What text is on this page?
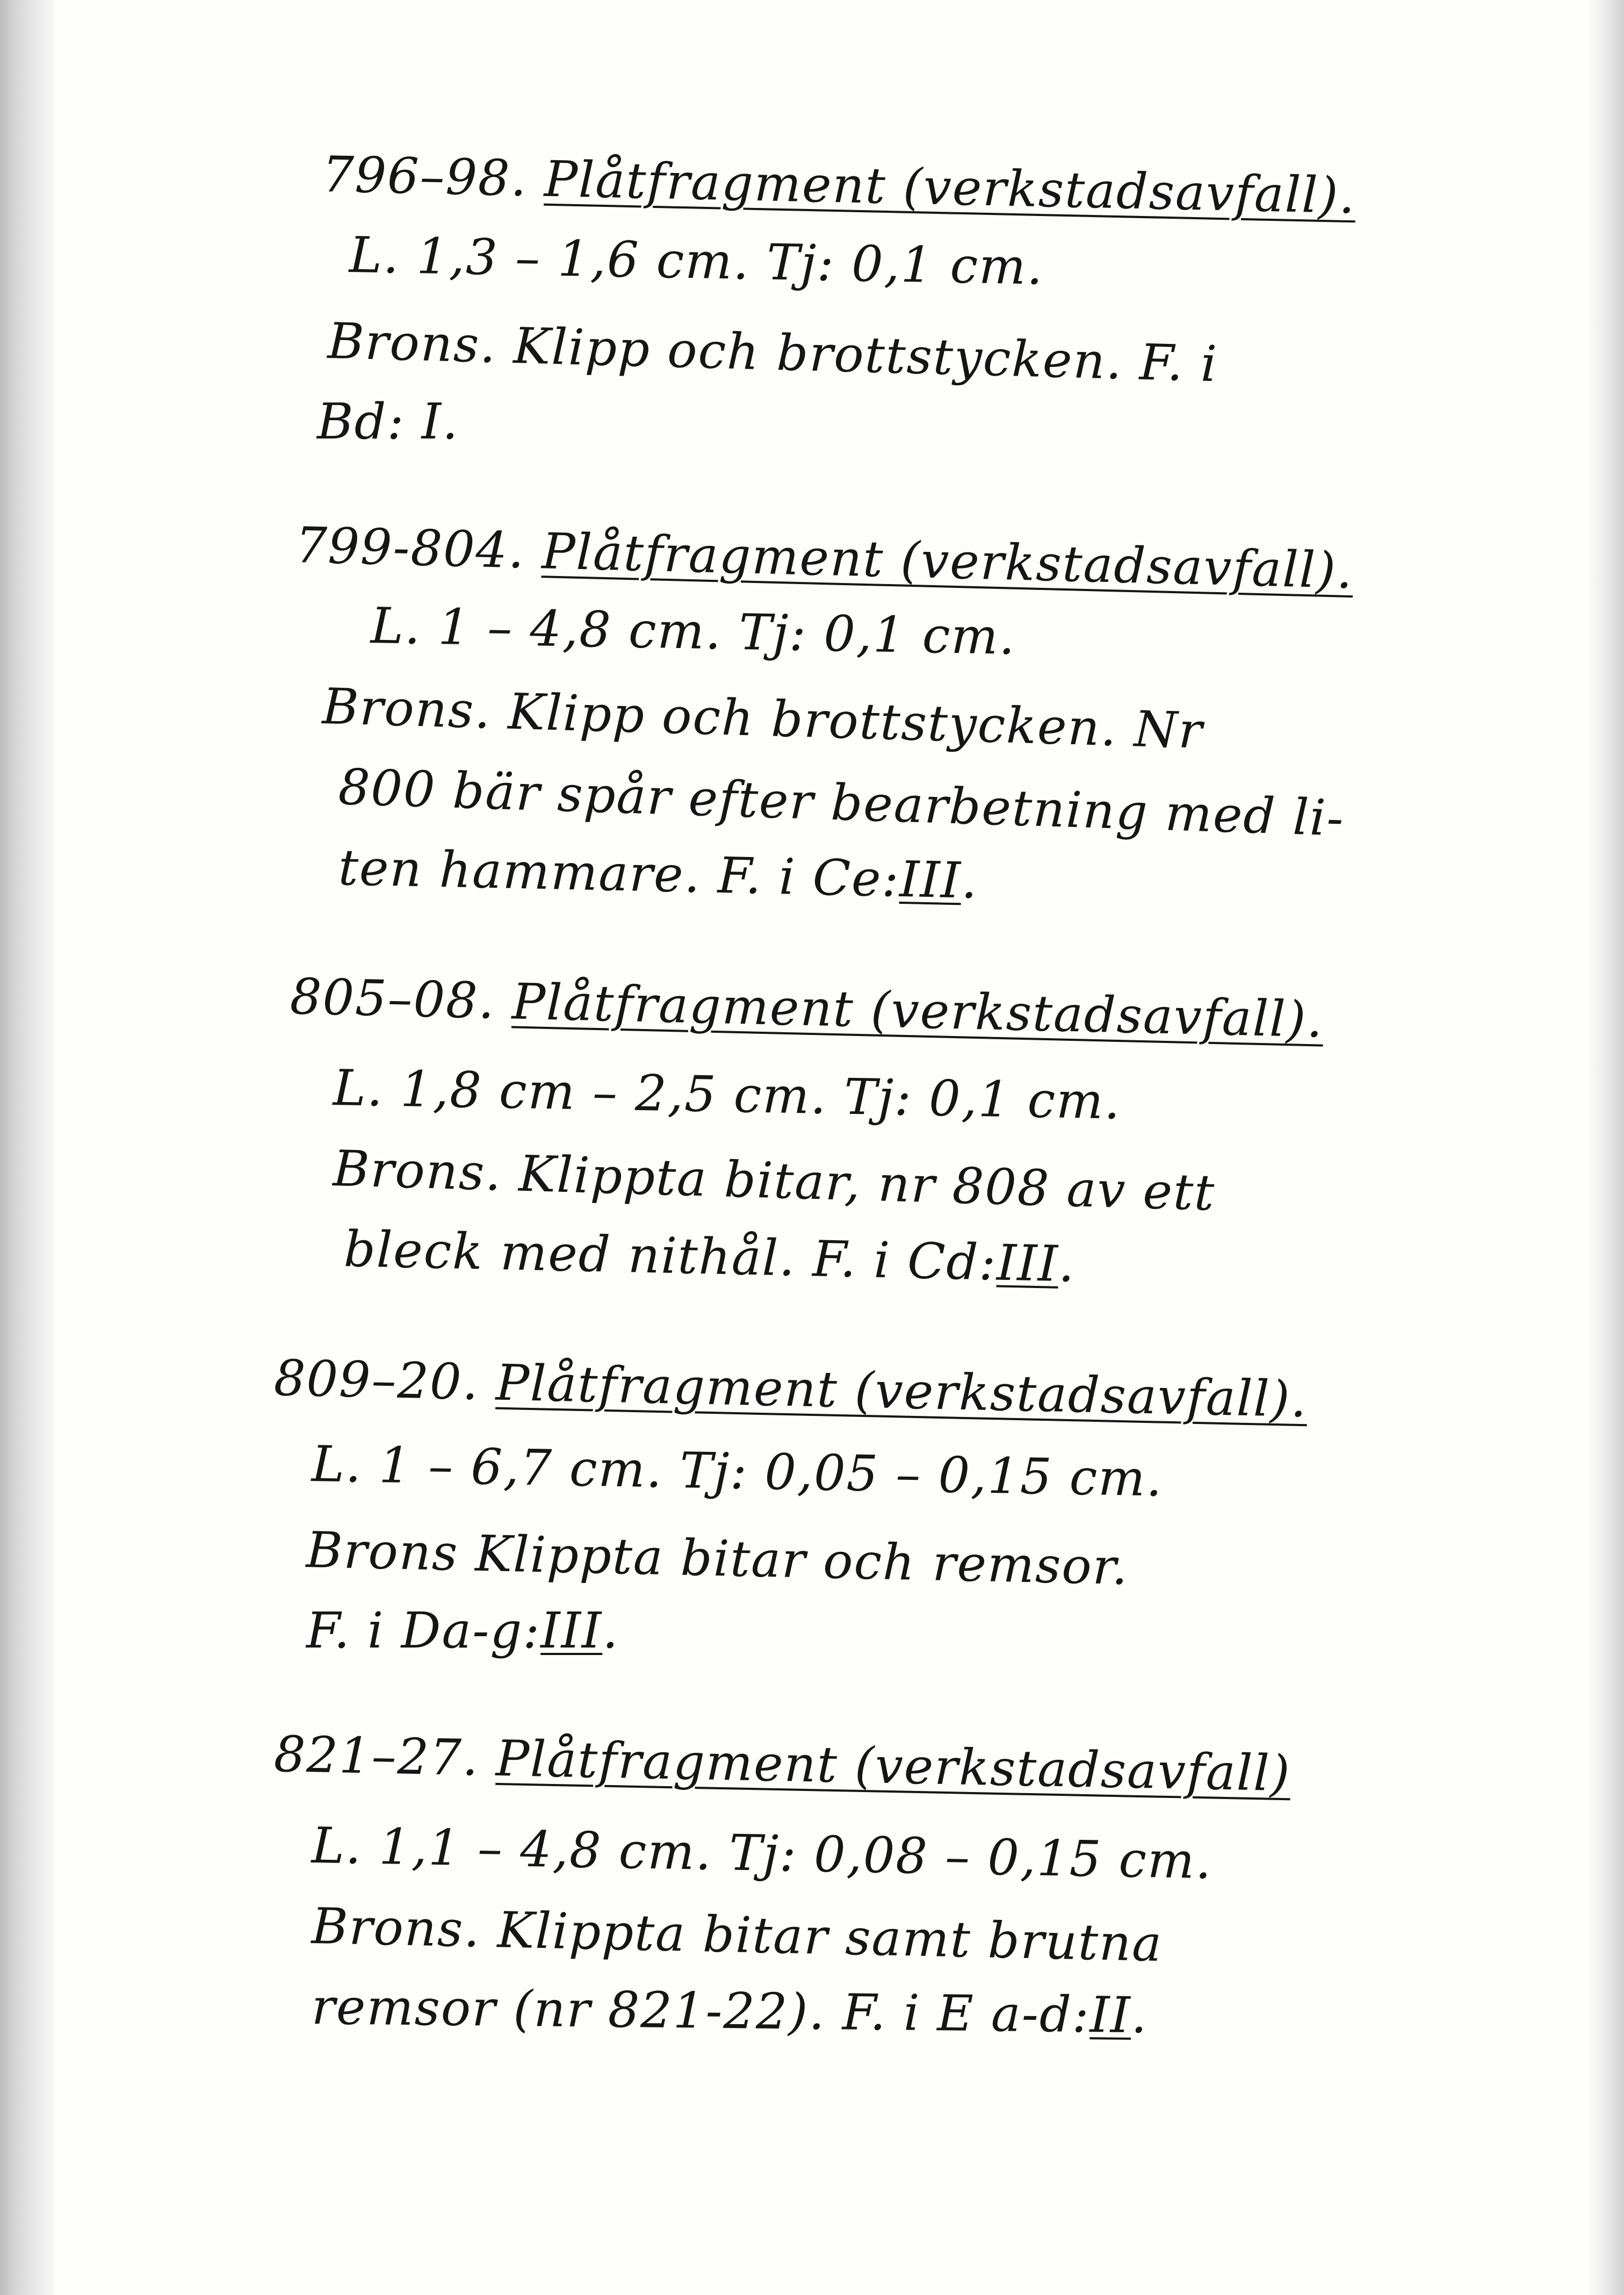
796–98. Plåtfragment (verkstadsavfall).
L. 1,3 – 1,6 cm. Tj: 0,1 cm.
Brons. Klipp och brottstycken. F. i
Bd: I.
799-804. Plåtfragment (verkstadsavfall).
L. 1 – 4,8 cm. Tj: 0,1 cm.
Brons. Klipp och brottstycken. Nr
800 bär spår efter bearbetning med li-
ten hammare. F. i Ce:III.
805–08. Plåtfragment (verkstadsavfall).
L. 1,8 cm – 2,5 cm. Tj: 0,1 cm.
Brons. Klippta bitar, nr 808 av ett
bleck med nithål. F. i Cd:III.
809–20. Plåtfragment (verkstadsavfall).
L. 1 – 6,7 cm. Tj: 0,05 – 0,15 cm.
Brons Klippta bitar och remsor.
F. i Da-g:III.
821–27. Plåtfragment (verkstadsavfall)
L. 1,1 – 4,8 cm. Tj: 0,08 – 0,15 cm.
Brons. Klippta bitar samt brutna
remsor (nr 821-22). F. i E a-d:II.
